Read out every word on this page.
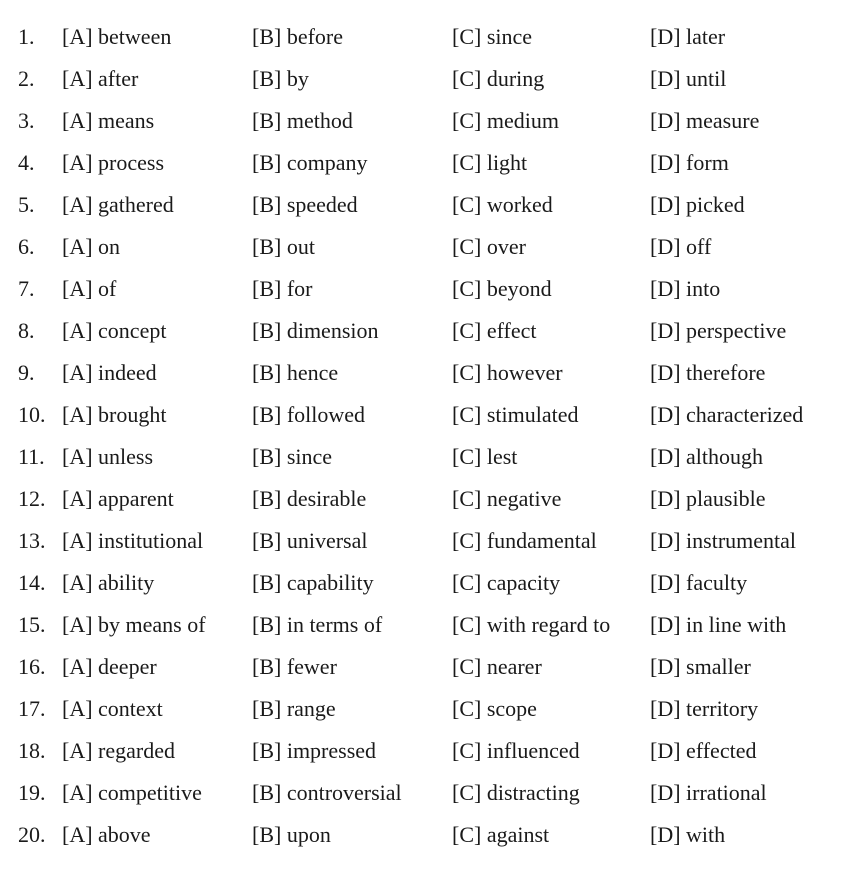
1. [A] between	[B] before	[C] since	[D] later
2. [A] after	[B] by	[C] during	[D] until
3. [A] means	[B] method	[C] medium	[D] measure
4. [A] process	[B] company	[C] light	[D] form
5. [A] gathered	[B] speeded	[C] worked	[D] picked
6. [A] on	[B] out	[C] over	[D] off
7. [A] of	[B] for	[C] beyond	[D] into
8. [A] concept	[B] dimension	[C] effect	[D] perspective
9. [A] indeed	[B] hence	[C] however	[D] therefore
10. [A] brought	[B] followed	[C] stimulated	[D] characterized
11. [A] unless	[B] since	[C] lest	[D] although
12. [A] apparent	[B] desirable	[C] negative	[D] plausible
13. [A] institutional [B] universal	[C] fundamental [D] instrumental
14. [A] ability	[B] capability	[C] capacity	[D] faculty
15. [A] by means of [B] in terms of	[C] with regard to [D] in line with
16. [A] deeper	[B] fewer	[C] nearer	[D] smaller
17. [A] context	[B] range	[C] scope	[D] territory
18. [A] regarded	[B] impressed	[C] influenced	[D] effected
19. [A] competitive [B] controversial [C] distracting	[D] irrational
20. [A] above	[B] upon	[C] against	[D] with
